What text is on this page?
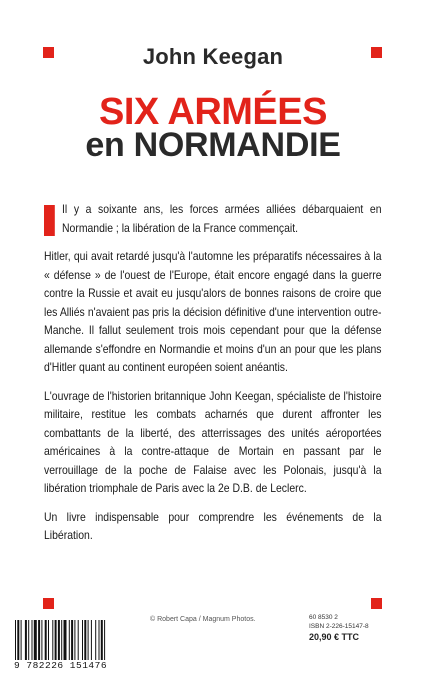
John Keegan
SIX ARMÉES
en NORMANDIE

Il y a soixante ans, les forces armées alliées débarquaient en Normandie ; la libération de la France commençait.

Hitler, qui avait retardé jusqu'à l'automne les préparatifs nécessaires à la « défense » de l'ouest de l'Europe, était encore engagé dans la guerre contre la Russie et avait eu jusqu'alors de bonnes raisons de croire que les Alliés n'avaient pas pris la décision définitive d'une intervention outre-Manche. Il fallut seulement trois mois cependant pour que la défense allemande s'effondre en Normandie et moins d'un an pour que les plans d'Hitler quant au continent européen soient anéantis.

L'ouvrage de l'historien britannique John Keegan, spécialiste de l'histoire militaire, restitue les combats acharnés que durent affronter les combattants de la liberté, des atterrissages des unités aéroportées américaines à la contre-attaque de Mortain en passant par le verrouillage de la poche de Falaise avec les Polonais, jusqu'à la libération triomphale de Paris avec la 2e D.B. de Leclerc.

Un livre indispensable pour comprendre les événements de la Libération.

9 782226 151476
© Robert Capa / Magnum Photos.	60 8530 2
ISBN 2-226-15147-8
20,90 € TTC
